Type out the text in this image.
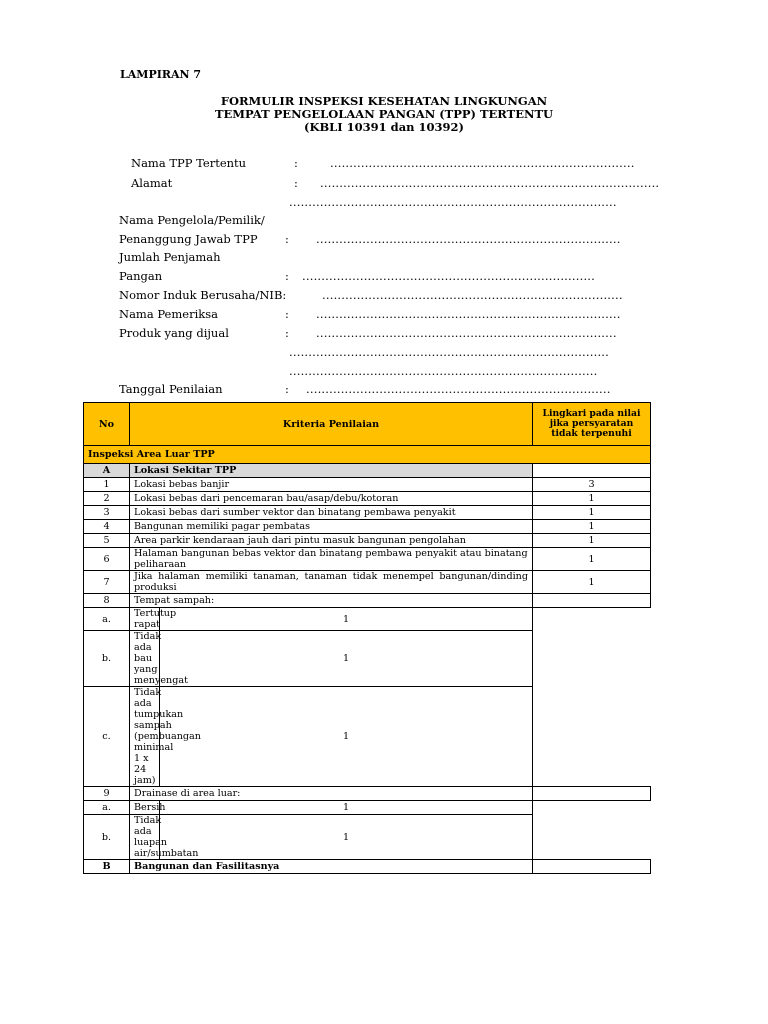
LAMPIRAN 7
FORMULIR INSPEKSI KESEHATAN LINGKUNGAN
TEMPAT PENGELOLAAN PANGAN (TPP) TERTENTU
(KBLI 10391 dan 10392)
Nama TPP Tertentu	:	...............................................................................
Alamat	: ........................................................................................
.....................................................................................
Nama Pengelola/Pemilik/
Penanggung Jawab TPP : ...............................................................................
Jumlah Penjamah
Pangan	: ............................................................................
Nomor Induk Berusaha/NIB:	..............................................................................
Nama Pemeriksa	: ...............................................................................
Produk yang dijual	: ..............................................................................
...................................................................................
................................................................................
Tanggal Penilaian	: ...............................................................................
No	Kriteria Penilaian		Lingkari pada nilai jika persyaratan tidak terpenuhi
Inspeksi Area Luar TPP			
A	Lokasi Sekitar TPP		
1	Lokasi bebas banjir		3
2	Lokasi bebas dari pencemaran bau/asap/debu/kotoran		1
3	Lokasi bebas dari sumber vektor dan binatang pembawa penyakit		1
4	Bangunan memiliki pagar pembatas		1
5	Area parkir kendaraan jauh dari pintu masuk bangunan pengolahan		1
6	Halaman bangunan bebas vektor dan binatang pembawa penyakit atau binatang peliharaan		1
7	Jika halaman memiliki tanaman, tanaman tidak menempel bangunan/dinding produksi		1
8	Tempat sampah:		
a.	Tertutup rapat	1	
b.	Tidak ada bau yang menyengat	1	
c.	Tidak ada tumpukan sampah (pembuangan minimal 1 x 24 jam)	1	
9	Drainase di area luar:		
a.	Bersih	1	
b.	Tidak ada luapan air/sumbatan	1	
B	Bangunan dan Fasilitasnya		
